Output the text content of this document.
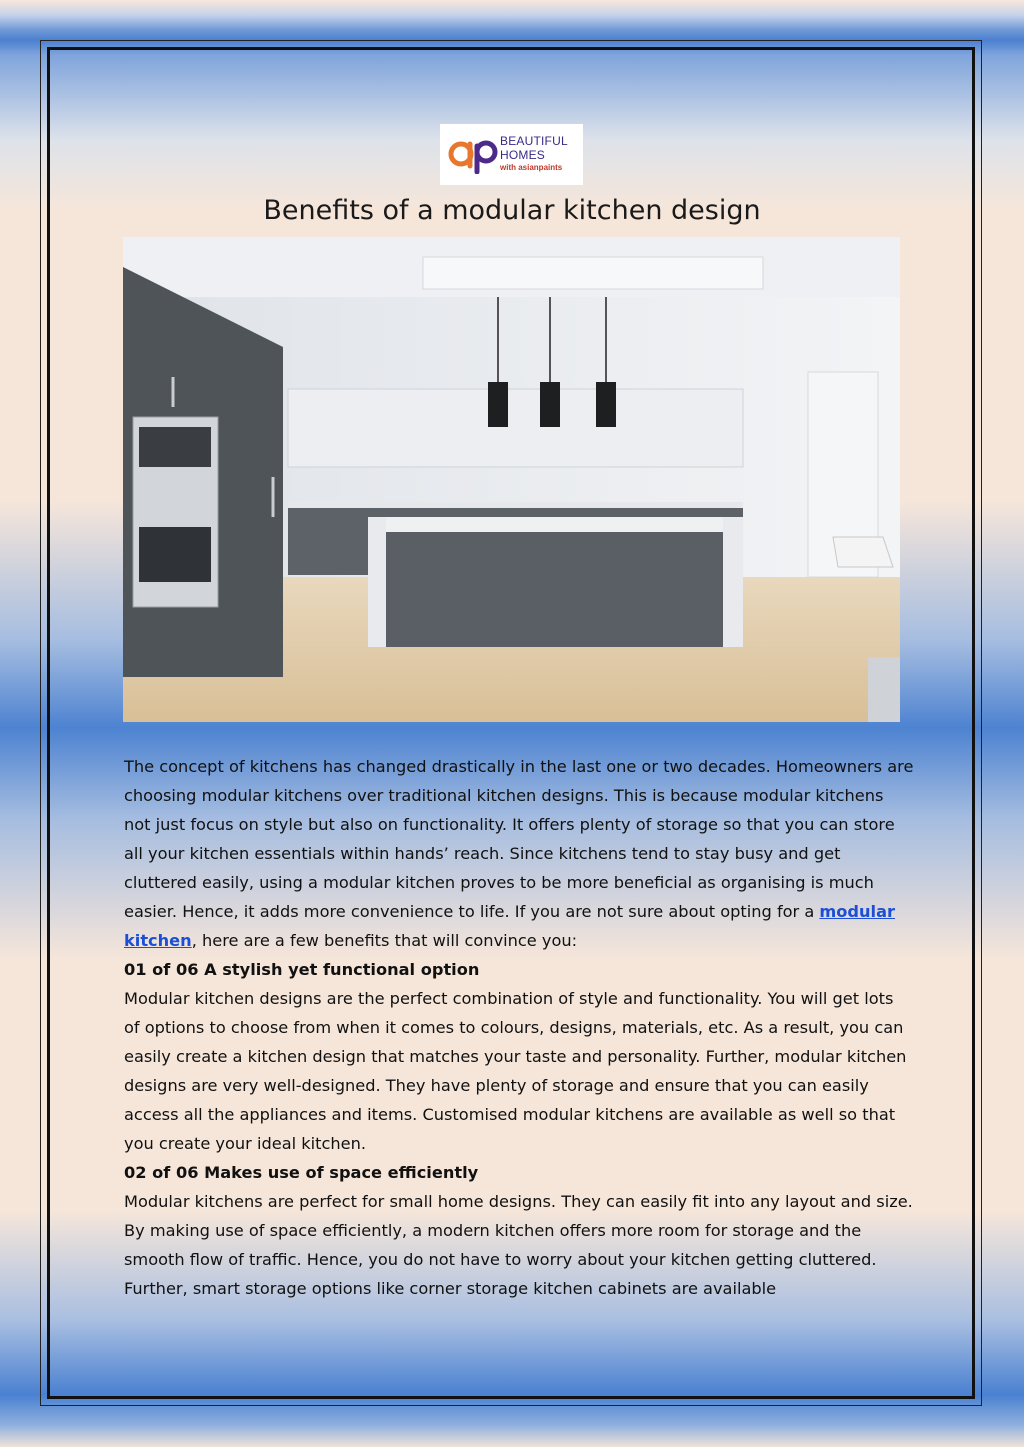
BEAUTIFUL
HOMES
with asianpaints
Benefits of a modular kitchen design

The concept of kitchens has changed drastically in the last one or two decades. Homeowners are choosing modular kitchens over traditional kitchen designs. This is because modular kitchens not just focus on style but also on functionality. It offers plenty of storage so that you can store all your kitchen essentials within hands’ reach. Since kitchens tend to stay busy and get cluttered easily, using a modular kitchen proves to be more beneficial as organising is much easier. Hence, it adds more convenience to life. If you are not sure about opting for a modular kitchen, here are a few benefits that will convince you:

01 of 06 A stylish yet functional option

Modular kitchen designs are the perfect combination of style and functionality. You will get lots of options to choose from when it comes to colours, designs, materials, etc. As a result, you can easily create a kitchen design that matches your taste and personality. Further, modular kitchen designs are very well-designed. They have plenty of storage and ensure that you can easily access all the appliances and items. Customised modular kitchens are available as well so that you create your ideal kitchen.

02 of 06 Makes use of space efficiently

Modular kitchens are perfect for small home designs. They can easily fit into any layout and size. By making use of space efficiently, a modern kitchen offers more room for storage and the smooth flow of traffic. Hence, you do not have to worry about your kitchen getting cluttered. Further, smart storage options like corner storage kitchen cabinets are available
